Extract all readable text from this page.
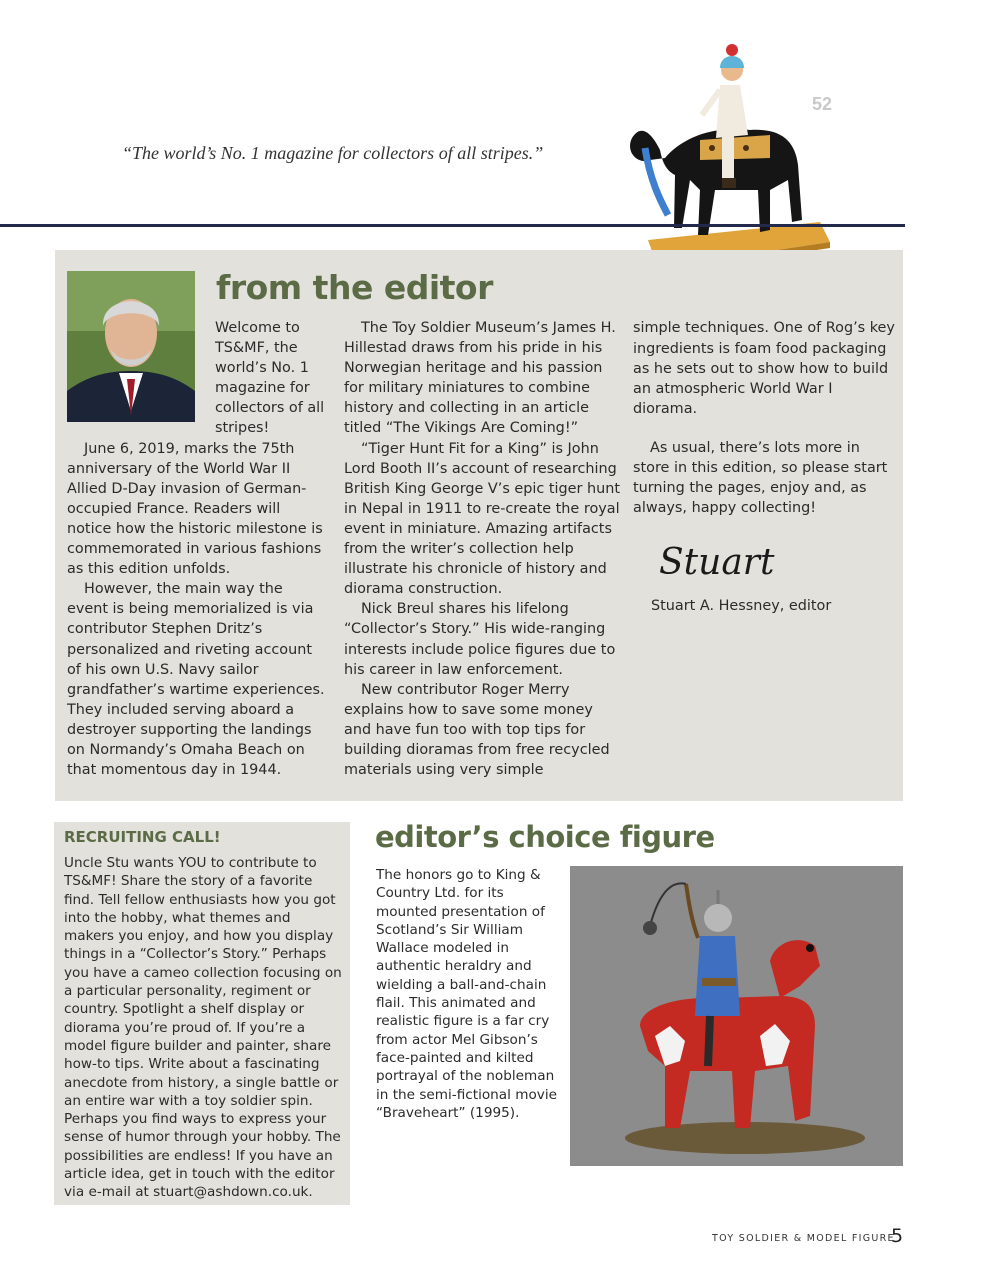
52
“The world’s No. 1 magazine for collectors of all stripes.”
from the editor

Welcome to TS&MF, the world’s No. 1 magazine for collectors of all stripes!

June 6, 2019, marks the 75th anniversary of the World War II Allied D-Day invasion of German-occupied France. Readers will notice how the historic milestone is commemorated in various fashions as this edition unfolds.

However, the main way the event is being memorialized is via contributor Stephen Dritz’s personalized and riveting account of his own U.S. Navy sailor grandfather’s wartime experiences. They included serving aboard a destroyer supporting the landings on Normandy’s Omaha Beach on that momentous day in 1944.

The Toy Soldier Museum’s James H. Hillestad draws from his pride in his Norwegian heritage and his passion for military miniatures to combine history and collecting in an article titled “The Vikings Are Coming!”

“Tiger Hunt Fit for a King” is John Lord Booth II’s account of researching British King George V’s epic tiger hunt in Nepal in 1911 to re-create the royal event in miniature. Amazing artifacts from the writer’s collection help illustrate his chronicle of history and diorama construction.

Nick Breul shares his lifelong “Collector’s Story.” His wide-ranging interests include police figures due to his career in law enforcement.

New contributor Roger Merry explains how to save some money and have fun too with top tips for building dioramas from free recycled materials using very simple

simple techniques. One of Rog’s key ingredients is foam food packaging as he sets out to show how to build an atmospheric World War I diorama.

As usual, there’s lots more in store in this edition, so please start turning the pages, enjoy and, as always, happy collecting!

Stuart
Stuart A. Hessney, editor
RECRUITING CALL!
Uncle Stu wants YOU to contribute to TS&MF! Share the story of a favorite find. Tell fellow enthusiasts how you got into the hobby, what themes and makers you enjoy, and how you display things in a “Collector’s Story.” Perhaps you have a cameo collection focusing on a particular personality, regiment or country. Spotlight a shelf display or diorama you’re proud of. If you’re a model figure builder and painter, share how-to tips. Write about a fascinating anecdote from history, a single battle or an entire war with a toy soldier spin. Perhaps you find ways to express your sense of humor through your hobby. The possibilities are endless! If you have an article idea, get in touch with the editor via e-mail at stuart@ashdown.co.uk.
editor’s choice figure
The honors go to King & Country Ltd. for its mounted presentation of Scotland’s Sir William Wallace modeled in authentic heraldry and wielding a ball-and-chain flail. This animated and realistic figure is a far cry from actor Mel Gibson’s face-painted and kilted portrayal of the nobleman in the semi-fictional movie “Braveheart” (1995).
TOY SOLDIER & MODEL FIGURE
5
